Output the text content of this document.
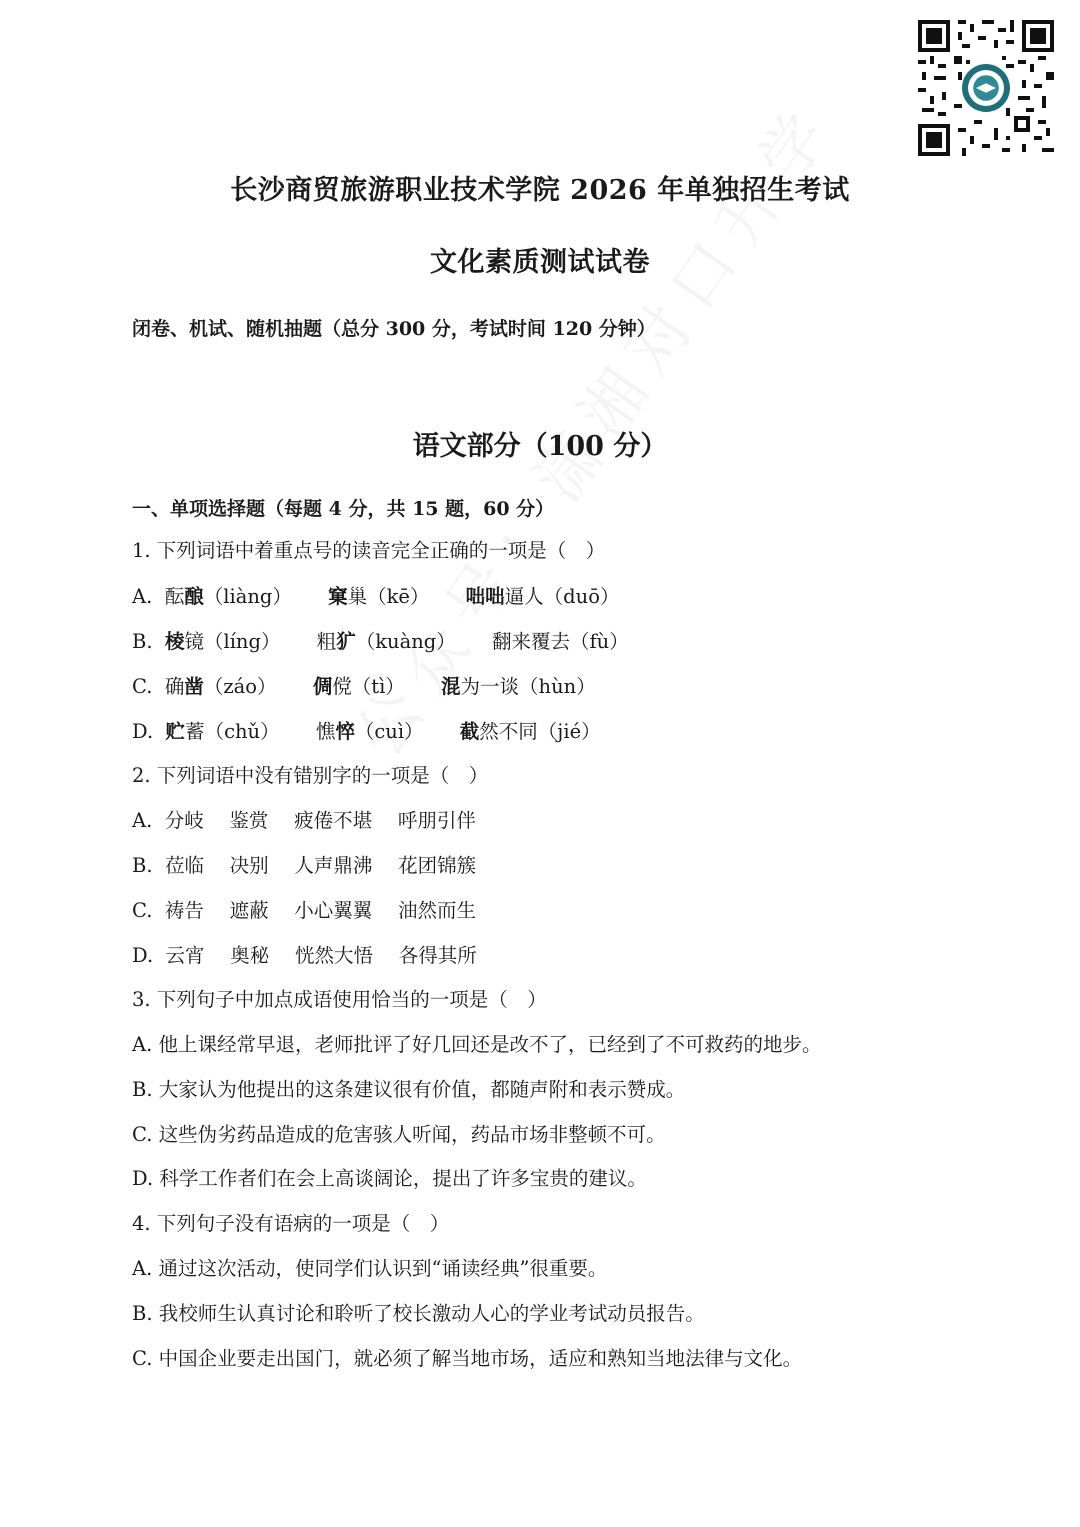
长沙商贸旅游职业技术学院 2026 年单独招生考试
文化素质测试试卷
闭卷、机试、随机抽题（总分 300 分，考试时间 120 分钟）
语文部分（100 分）
一、单项选择题（每题 4 分，共 15 题，60 分）
1. 下列词语中着重点号的读音完全正确的一项是（　）
A. 酝酿（liàng） 窠巢（kē） 咄咄逼人（duō）
B. 棱镜（líng） 粗犷（kuàng） 翻来覆去（fù）
C. 确凿（záo） 倜傥（tì） 混为一谈（hùn）
D. 贮蓄（chǔ） 憔悴（cuì） 截然不同（jié）
2. 下列词语中没有错别字的一项是（　）
A. 分岐　 鉴赏　 疲倦不堪　 呼朋引伴
B. 莅临　 决别　 人声鼎沸　 花团锦簇
C. 祷告　 遮蔽　 小心翼翼　 油然而生
D. 云宵　 奥秘　 恍然大悟　 各得其所
3. 下列句子中加点成语使用恰当的一项是（　）
A. 他上课经常早退，老师批评了好几回还是改不了，已经到了不可救药的地步。
B. 大家认为他提出的这条建议很有价值，都随声附和表示赞成。
C. 这些伪劣药品造成的危害骇人听闻，药品市场非整顿不可。
D. 科学工作者们在会上高谈阔论，提出了许多宝贵的建议。
4. 下列句子没有语病的一项是（　）
A. 通过这次活动，使同学们认识到“诵读经典”很重要。
B. 我校师生认真讨论和聆听了校长激动人心的学业考试动员报告。
C. 中国企业要走出国门，就必须了解当地市场，适应和熟知当地法律与文化。
